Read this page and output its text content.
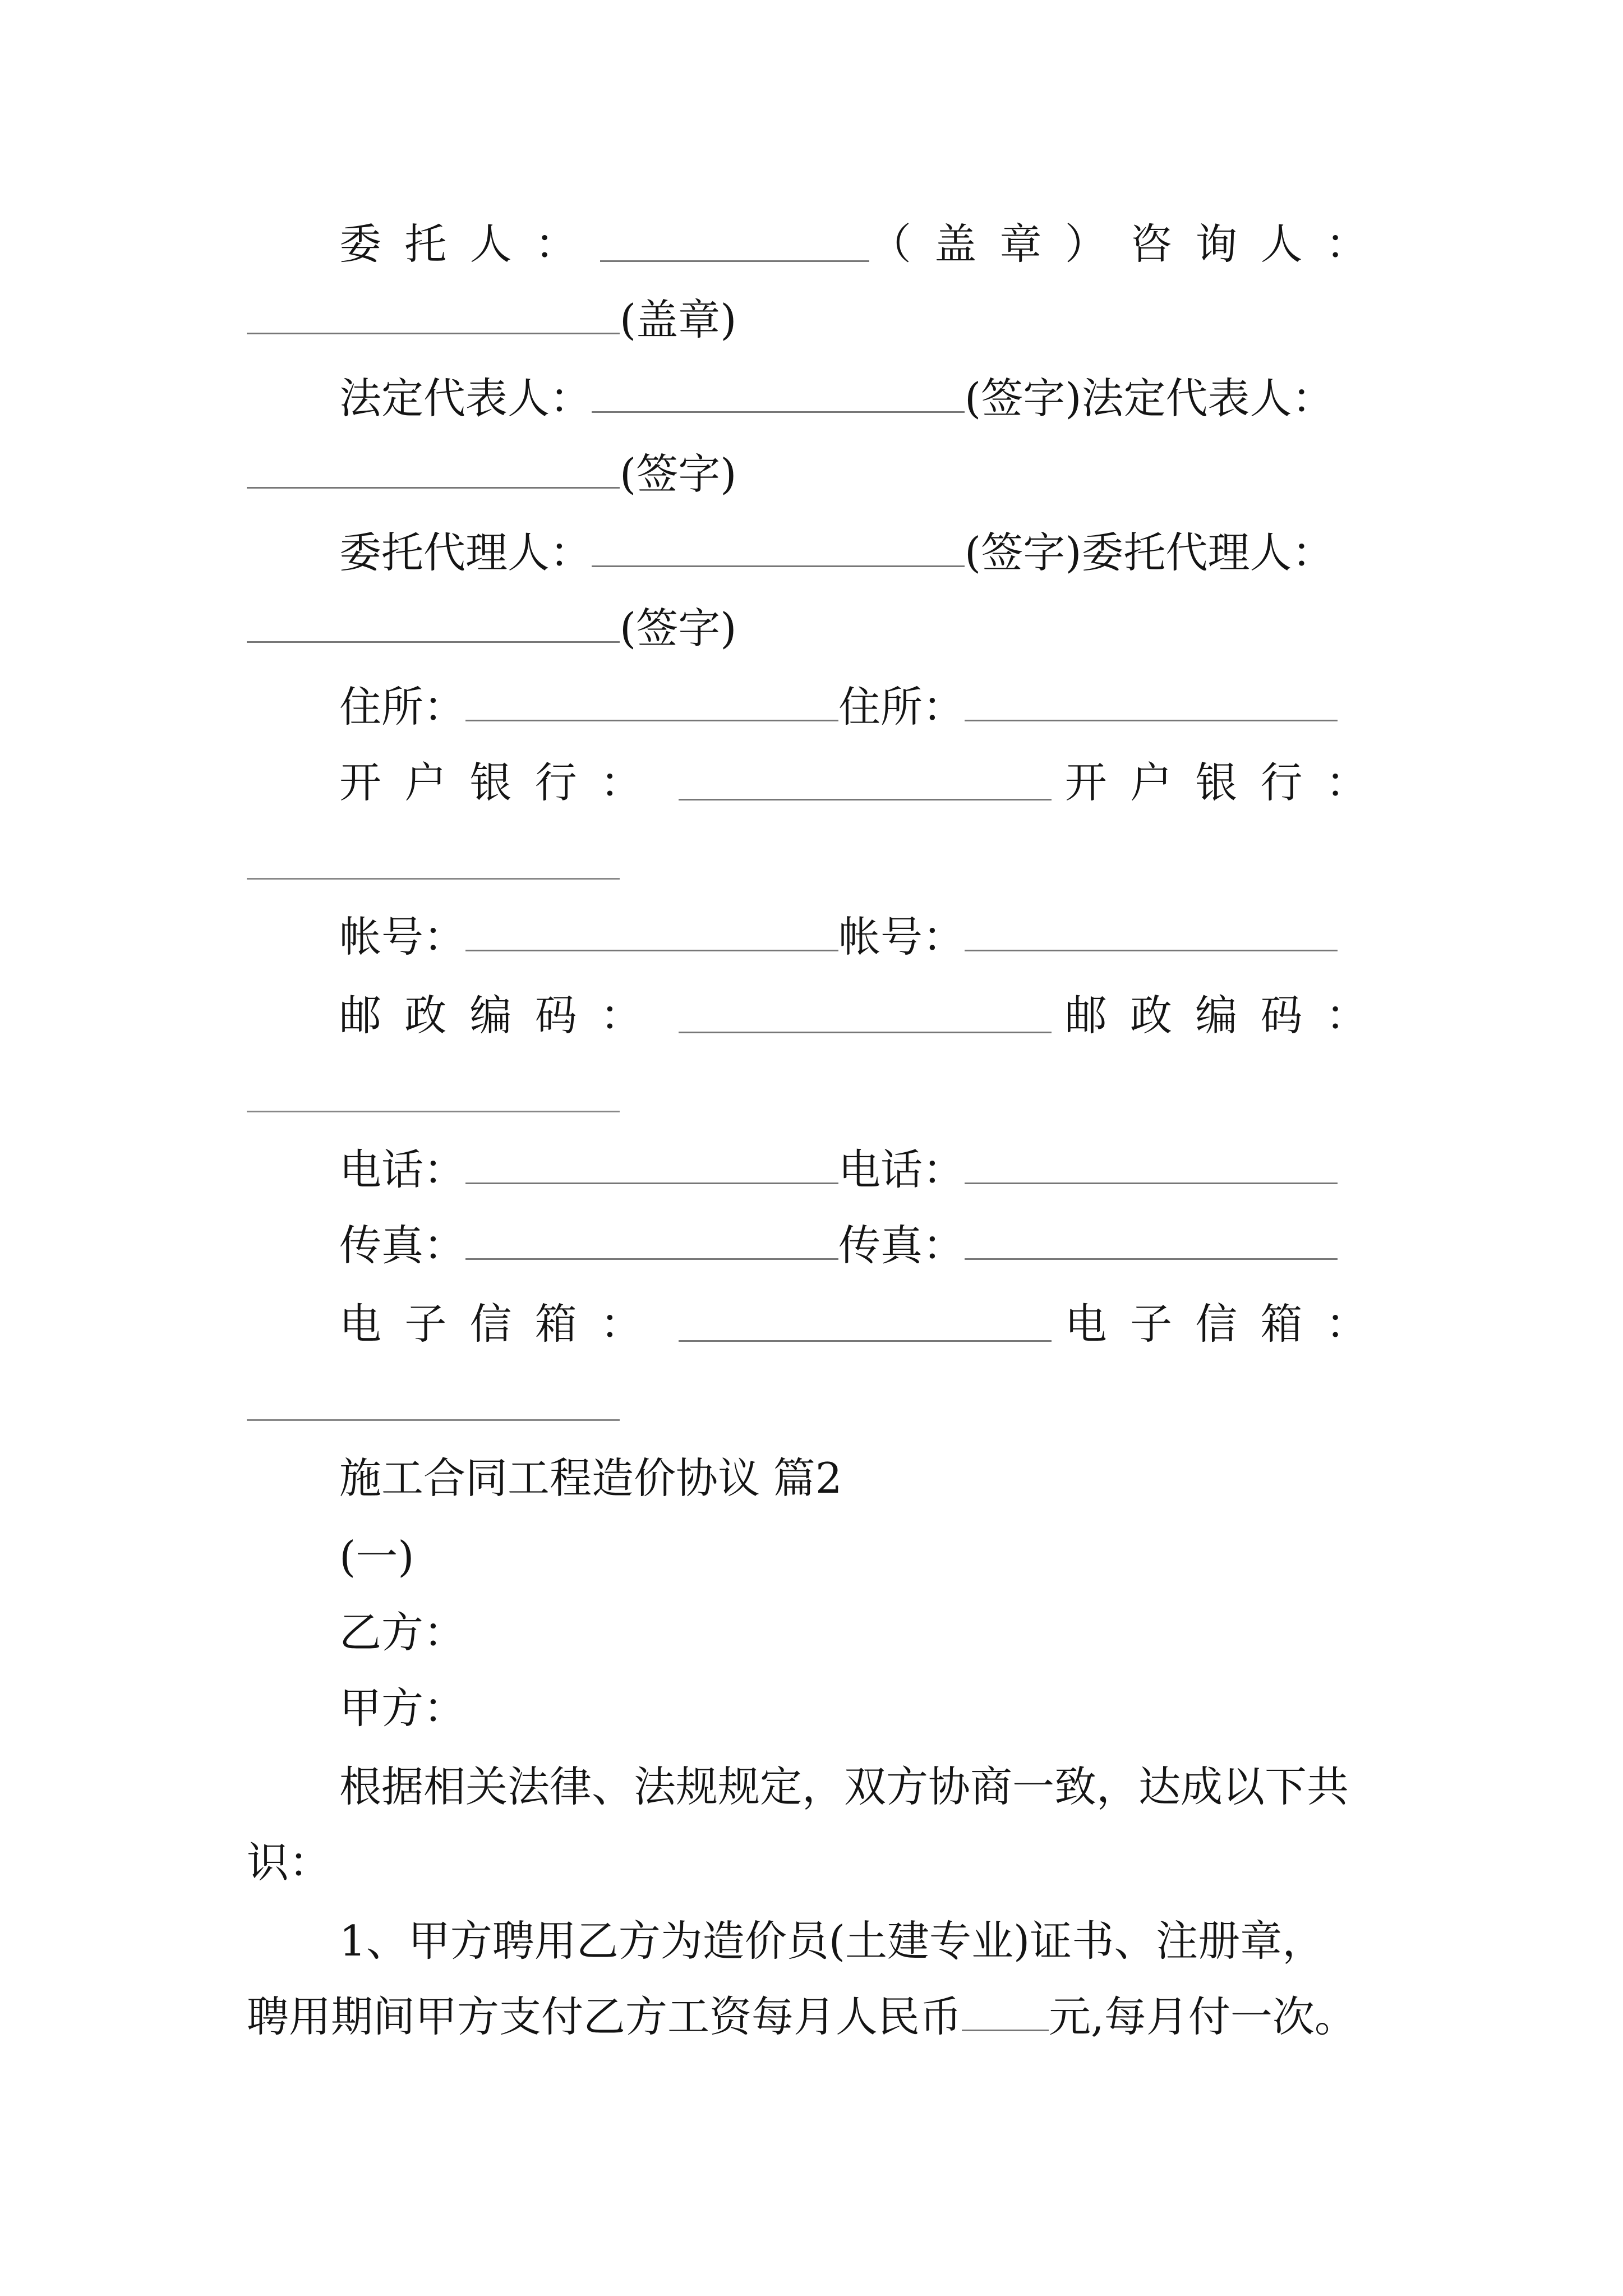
委托人：	（盖章）咨询人：
(盖章)
法定代表人：	(签字)法定代表人：
(签字)
委托代理人：	(签字)委托代理人：
(签字)
住所：	住所：
开户银行：	开户银行：
帐号：	帐号：
邮政编码：	邮政编码：
电话：	电话：
传真：	传真：
电子信箱：	电子信箱：
施工合同工程造价协议 篇2
(一)
乙方：
甲方：
根据相关法律、法规规定，双方协商一致，达成以下共
识：
1、甲方聘用乙方为造价员(土建专业)证书、注册章，
聘用期间甲方支付乙方工资每月人民币 元,每月付一次。
